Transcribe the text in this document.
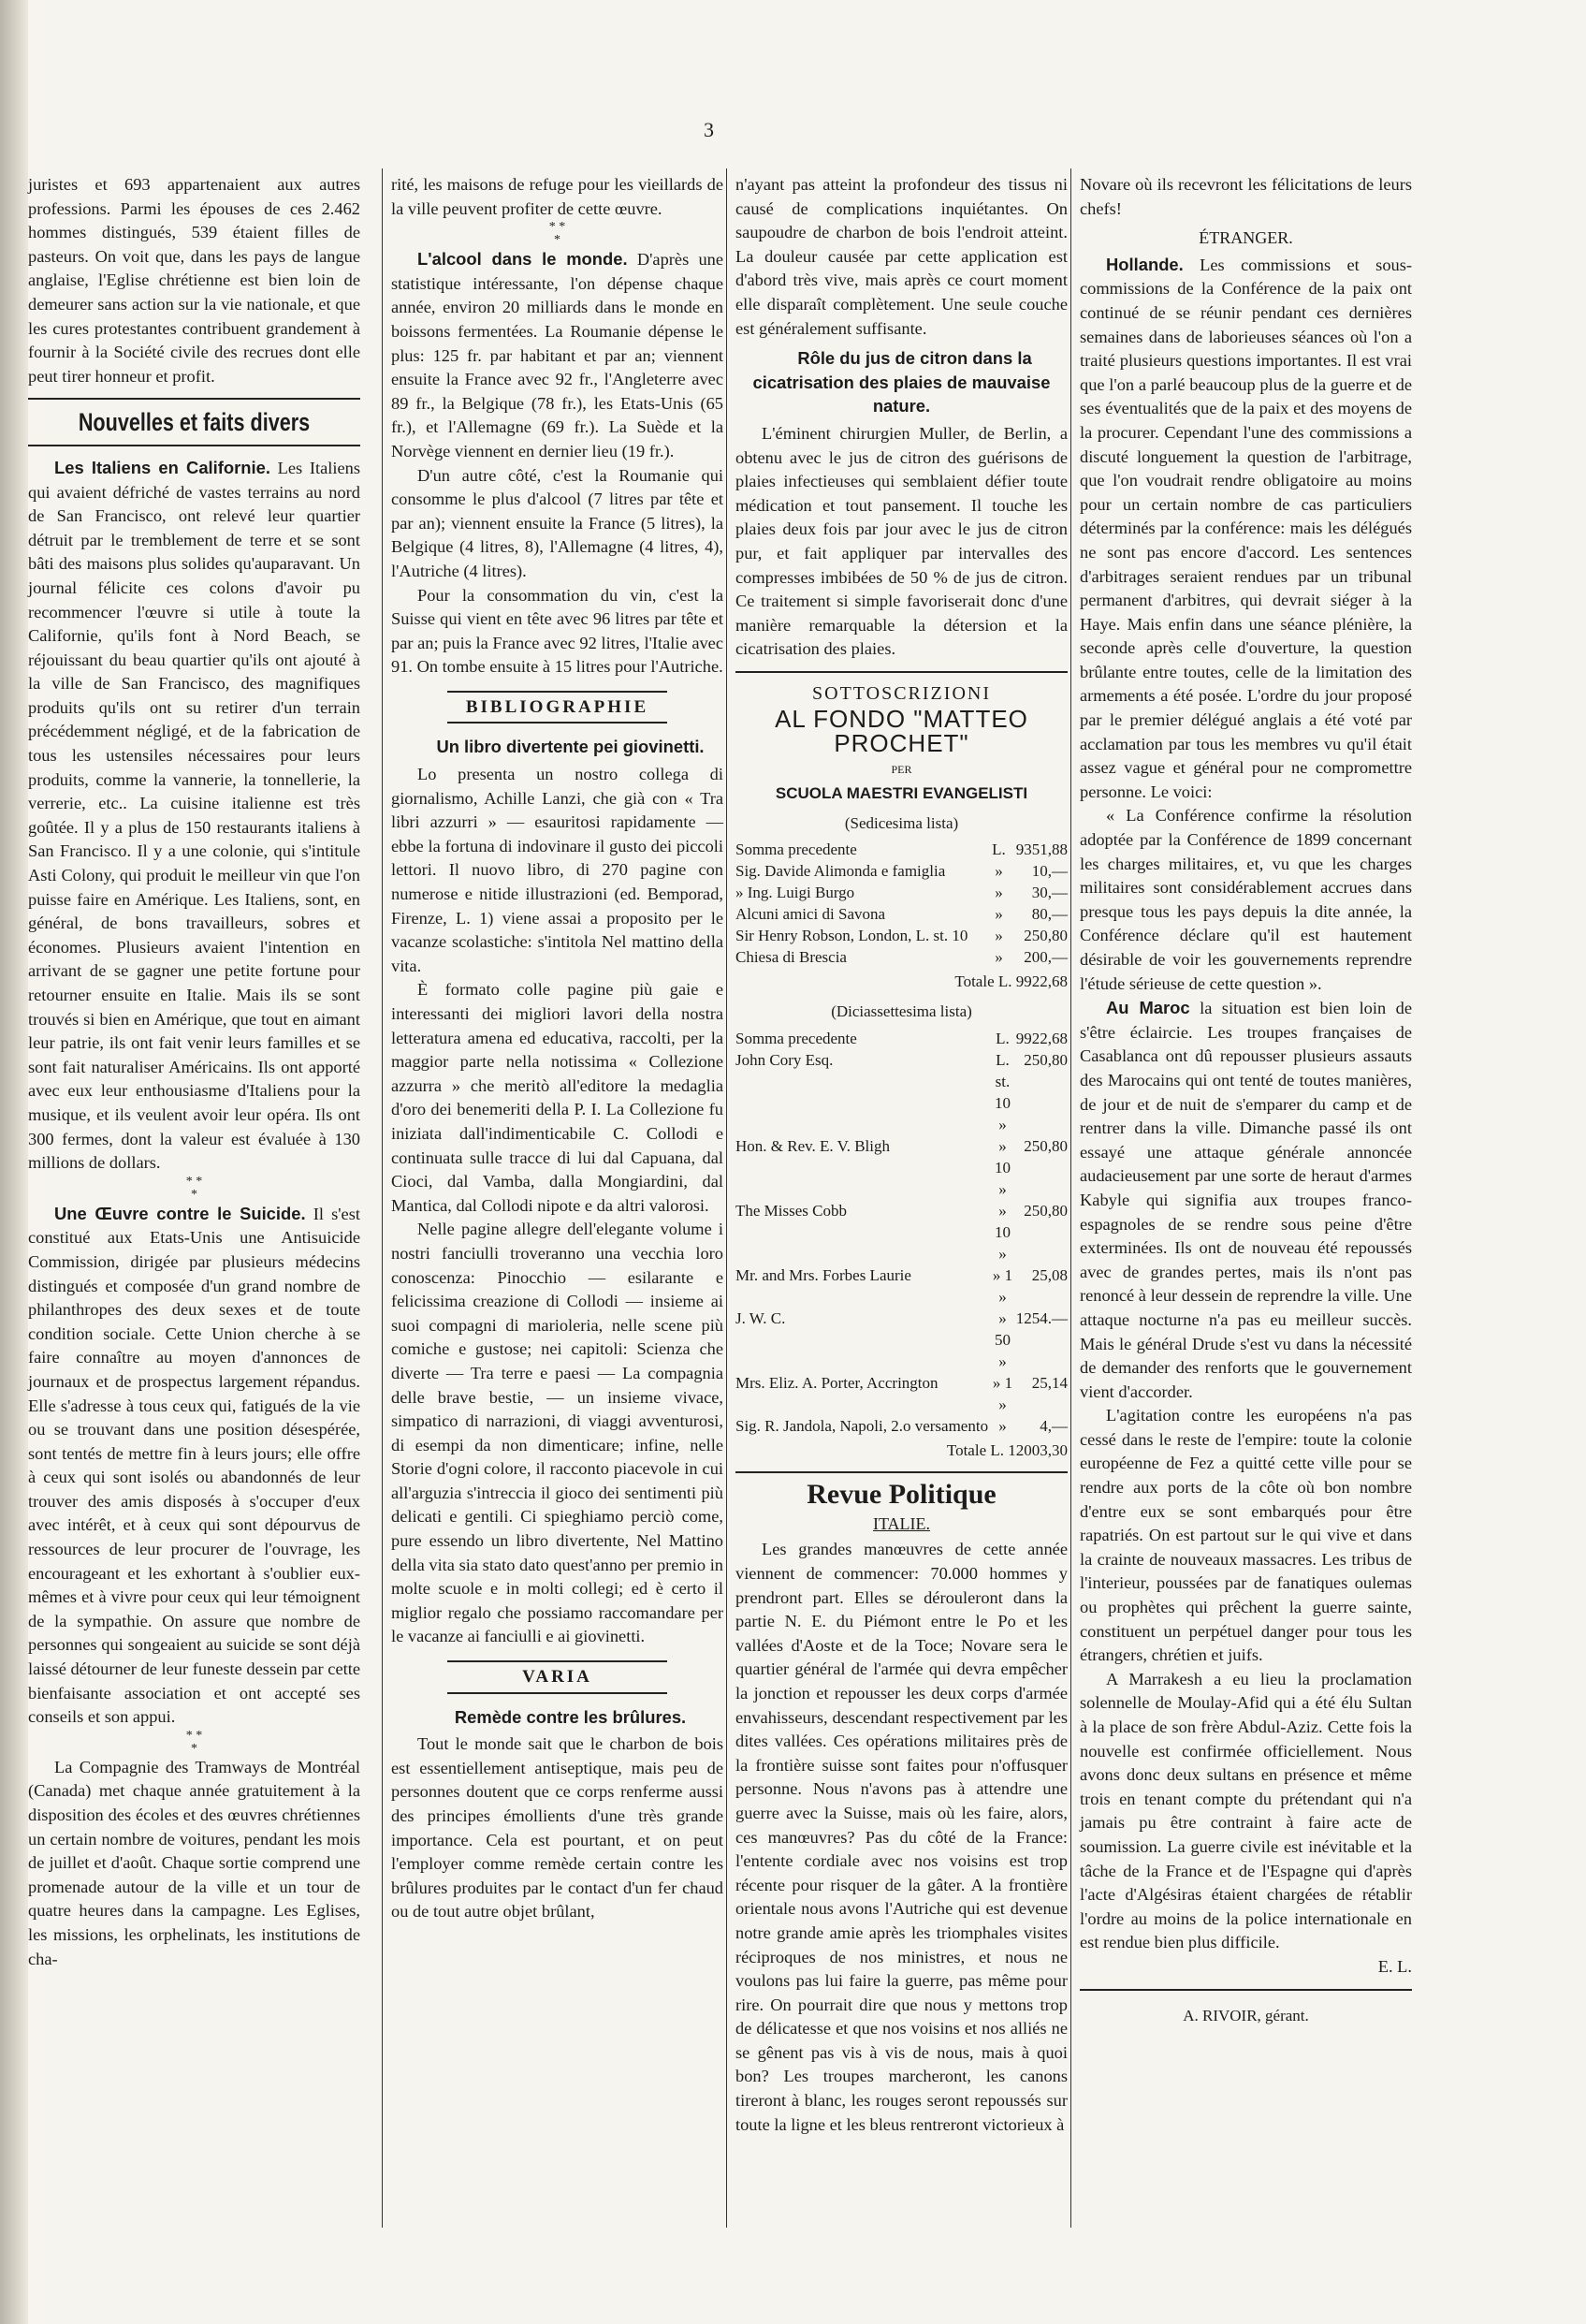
3

juristes et 693 appartenaient aux autres professions. Parmi les épouses de ces 2.462 hommes distingués, 539 étaient filles de pasteurs. On voit que, dans les pays de langue anglaise, l'Eglise chrétienne est bien loin de demeurer sans action sur la vie nationale, et que les cures protestantes contribuent grandement à fournir à la Société civile des recrues dont elle peut tirer honneur et profit.

Nouvelles et faits divers

Les Italiens en Californie. Les Italiens qui avaient défriché de vastes terrains au nord de San Francisco, ont relevé leur quartier détruit par le tremblement de terre et se sont bâti des maisons plus solides qu'auparavant. Un journal félicite ces colons d'avoir pu recommencer l'œuvre si utile à toute la Californie, qu'ils font à Nord Beach, se réjouissant du beau quartier qu'ils ont ajouté à la ville de San Francisco, des magnifiques produits qu'ils ont su retirer d'un terrain précédemment négligé, et de la fabrication de tous les ustensiles nécessaires pour leurs produits, comme la vannerie, la tonnellerie, la verrerie, etc.. La cuisine italienne est très goûtée. Il y a plus de 150 restaurants italiens à San Francisco. Il y a une colonie, qui s'intitule Asti Colony, qui produit le meilleur vin que l'on puisse faire en Amérique. Les Italiens, sont, en général, de bons travailleurs, sobres et économes. Plusieurs avaient l'intention en arrivant de se gagner une petite fortune pour retourner ensuite en Italie. Mais ils se sont trouvés si bien en Amérique, que tout en aimant leur patrie, ils ont fait venir leurs familles et se sont fait naturaliser Américains. Ils ont apporté avec eux leur enthousiasme d'Italiens pour la musique, et ils veulent avoir leur opéra. Ils ont 300 fermes, dont la valeur est évaluée à 130 millions de dollars.

* *
*

Une Œuvre contre le Suicide. Il s'est constitué aux Etats-Unis une Antisuicide Commission, dirigée par plusieurs médecins distingués et composée d'un grand nombre de philanthropes des deux sexes et de toute condition sociale. Cette Union cherche à se faire connaître au moyen d'annonces de journaux et de prospectus largement répandus. Elle s'adresse à tous ceux qui, fatigués de la vie ou se trouvant dans une position désespérée, sont tentés de mettre fin à leurs jours; elle offre à ceux qui sont isolés ou abandonnés de leur trouver des amis disposés à s'occuper d'eux avec intérêt, et à ceux qui sont dépourvus de ressources de leur procurer de l'ouvrage, les encourageant et les exhortant à s'oublier eux-mêmes et à vivre pour ceux qui leur témoignent de la sympathie. On assure que nombre de personnes qui songeaient au suicide se sont déjà laissé détourner de leur funeste dessein par cette bienfaisante association et ont accepté ses conseils et son appui.

* *
*

La Compagnie des Tramways de Montréal (Canada) met chaque année gratuitement à la disposition des écoles et des œuvres chrétiennes un certain nombre de voitures, pendant les mois de juillet et d'août. Chaque sortie comprend une promenade autour de la ville et un tour de quatre heures dans la campagne. Les Eglises, les missions, les orphelinats, les institutions de cha-

rité, les maisons de refuge pour les vieillards de la ville peuvent profiter de cette œuvre.

* *
*

L'alcool dans le monde. D'après une statistique intéressante, l'on dépense chaque année, environ 20 milliards dans le monde en boissons fermentées. La Roumanie dépense le plus: 125 fr. par habitant et par an; viennent ensuite la France avec 92 fr., l'Angleterre avec 89 fr., la Belgique (78 fr.), les Etats-Unis (65 fr.), et l'Allemagne (69 fr.). La Suède et la Norvège viennent en dernier lieu (19 fr.).

D'un autre côté, c'est la Roumanie qui consomme le plus d'alcool (7 litres par tête et par an); viennent ensuite la France (5 litres), la Belgique (4 litres, 8), l'Allemagne (4 litres, 4), l'Autriche (4 litres).

Pour la consommation du vin, c'est la Suisse qui vient en tête avec 96 litres par tête et par an; puis la France avec 92 litres, l'Italie avec 91. On tombe ensuite à 15 litres pour l'Autriche.

BIBLIOGRAPHIE

Un libro divertente pei giovinetti.

Lo presenta un nostro collega di giornalismo, Achille Lanzi, che già con « Tra libri azzurri » — esauritosi rapidamente — ebbe la fortuna di indovinare il gusto dei piccoli lettori. Il nuovo libro, di 270 pagine con numerose e nitide illustrazioni (ed. Bemporad, Firenze, L. 1) viene assai a proposito per le vacanze scolastiche: s'intitola Nel mattino della vita.

È formato colle pagine più gaie e interessanti dei migliori lavori della nostra letteratura amena ed educativa, raccolti, per la maggior parte nella notissima « Collezione azzurra » che meritò all'editore la medaglia d'oro dei benemeriti della P. I. La Collezione fu iniziata dall'indimenticabile C. Collodi e continuata sulle tracce di lui dal Capuana, dal Cioci, dal Vamba, dalla Mongiardini, dal Mantica, dal Collodi nipote e da altri valorosi.

Nelle pagine allegre dell'elegante volume i nostri fanciulli troveranno una vecchia loro conoscenza: Pinocchio — esilarante e felicissima creazione di Collodi — insieme ai suoi compagni di marioleria, nelle scene più comiche e gustose; nei capitoli: Scienza che diverte — Tra terre e paesi — La compagnia delle brave bestie, — un insieme vivace, simpatico di narrazioni, di viaggi avventurosi, di esempi da non dimenticare; infine, nelle Storie d'ogni colore, il racconto piacevole in cui all'arguzia s'intreccia il gioco dei sentimenti più delicati e gentili. Ci spieghiamo perciò come, pure essendo un libro divertente, Nel Mattino della vita sia stato dato quest'anno per premio in molte scuole e in molti collegi; ed è certo il miglior regalo che possiamo raccomandare per le vacanze ai fanciulli e ai giovinetti.

VARIA

Remède contre les brûlures.

Tout le monde sait que le charbon de bois est essentiellement antiseptique, mais peu de personnes doutent que ce corps renferme aussi des principes émollients d'une très grande importance. Cela est pourtant, et on peut l'employer comme remède certain contre les brûlures produites par le contact d'un fer chaud ou de tout autre objet brûlant,

n'ayant pas atteint la profondeur des tissus ni causé de complications inquiétantes. On saupoudre de charbon de bois l'endroit atteint. La douleur causée par cette application est d'abord très vive, mais après ce court moment elle disparaît complètement. Une seule couche est généralement suffisante.

Rôle du jus de citron dans la cicatrisation des plaies de mauvaise nature.

L'éminent chirurgien Muller, de Berlin, a obtenu avec le jus de citron des guérisons de plaies infectieuses qui semblaient défier toute médication et tout pansement. Il touche les plaies deux fois par jour avec le jus de citron pur, et fait appliquer par intervalles des compresses imbibées de 50 % de jus de citron. Ce traitement si simple favoriserait donc d'une manière remarquable la détersion et la cicatrisation des plaies.

SOTTOSCRIZIONI
AL FONDO "MATTEO PROCHET"
PER
SCUOLA MAESTRI EVANGELISTI
(Sedicesima lista)
Somma precedente	L.	9351,88
Sig. Davide Alimonda e famiglia	»	10,—
» Ing. Luigi Burgo	»	30,—
Alcuni amici di Savona	»	80,—
Sir Henry Robson, London, L. st. 10	»	250,80
Chiesa di Brescia	»	200,—
Totale L. 9922,68
(Diciassettesima lista)
Somma precedente	L.	9922,68
John Cory Esq.	L. st. 10 »	250,80
Hon. & Rev. E. V. Bligh	» 10 »	250,80
The Misses Cobb	» 10 »	250,80
Mr. and Mrs. Forbes Laurie	» 1 »	25,08
J. W. C.	» 50 »	1254.—
Mrs. Eliz. A. Porter, Accrington	» 1 »	25,14
Sig. R. Jandola, Napoli, 2.o versamento	»	4,—
Totale L. 12003,30
Revue Politique
ITALIE.

Les grandes manœuvres de cette année viennent de commencer: 70.000 hommes y prendront part. Elles se dérouleront dans la partie N. E. du Piémont entre le Po et les vallées d'Aoste et de la Toce; Novare sera le quartier général de l'armée qui devra empêcher la jonction et repousser les deux corps d'armée envahisseurs, descendant respectivement par les dites vallées. Ces opérations militaires près de la frontière suisse sont faites pour n'offusquer personne. Nous n'avons pas à attendre une guerre avec la Suisse, mais où les faire, alors, ces manœuvres? Pas du côté de la France: l'entente cordiale avec nos voisins est trop récente pour risquer de la gâter. A la frontière orientale nous avons l'Autriche qui est devenue notre grande amie après les triomphales visites réciproques de nos ministres, et nous ne voulons pas lui faire la guerre, pas même pour rire. On pourrait dire que nous y mettons trop de délicatesse et que nos voisins et nos alliés ne se gênent pas vis à vis de nous, mais à quoi bon? Les troupes marcheront, les canons tireront à blanc, les rouges seront repoussés sur toute la ligne et les bleus rentreront victorieux à

Novare où ils recevront les félicitations de leurs chefs!

ÉTRANGER.

Hollande. Les commissions et sous-commissions de la Conférence de la paix ont continué de se réunir pendant ces dernières semaines dans de laborieuses séances où l'on a traité plusieurs questions importantes. Il est vrai que l'on a parlé beaucoup plus de la guerre et de ses éventualités que de la paix et des moyens de la procurer. Cependant l'une des commissions a discuté longuement la question de l'arbitrage, que l'on voudrait rendre obligatoire au moins pour un certain nombre de cas particuliers déterminés par la conférence: mais les délégués ne sont pas encore d'accord. Les sentences d'arbitrages seraient rendues par un tribunal permanent d'arbitres, qui devrait siéger à la Haye. Mais enfin dans une séance plénière, la seconde après celle d'ouverture, la question brûlante entre toutes, celle de la limitation des armements a été posée. L'ordre du jour proposé par le premier délégué anglais a été voté par acclamation par tous les membres vu qu'il était assez vague et général pour ne compromettre personne. Le voici:

« La Conférence confirme la résolution adoptée par la Conférence de 1899 concernant les charges militaires, et, vu que les charges militaires sont considérablement accrues dans presque tous les pays depuis la dite année, la Conférence déclare qu'il est hautement désirable de voir les gouvernements reprendre l'étude sérieuse de cette question ».

Au Maroc la situation est bien loin de s'être éclaircie. Les troupes françaises de Casablanca ont dû repousser plusieurs assauts des Marocains qui ont tenté de toutes manières, de jour et de nuit de s'emparer du camp et de rentrer dans la ville. Dimanche passé ils ont essayé une attaque générale annoncée audacieusement par une sorte de heraut d'armes Kabyle qui signifia aux troupes franco-espagnoles de se rendre sous peine d'être exterminées. Ils ont de nouveau été repoussés avec de grandes pertes, mais ils n'ont pas renoncé à leur dessein de reprendre la ville. Une attaque nocturne n'a pas eu meilleur succès. Mais le général Drude s'est vu dans la nécessité de demander des renforts que le gouvernement vient d'accorder.

L'agitation contre les européens n'a pas cessé dans le reste de l'empire: toute la colonie européenne de Fez a quitté cette ville pour se rendre aux ports de la côte où bon nombre d'entre eux se sont embarqués pour être rapatriés. On est partout sur le qui vive et dans la crainte de nouveaux massacres. Les tribus de l'interieur, poussées par de fanatiques oulemas ou prophètes qui prêchent la guerre sainte, constituent un perpétuel danger pour tous les étrangers, chrétien et juifs.

A Marrakesh a eu lieu la proclamation solennelle de Moulay-Afid qui a été élu Sultan à la place de son frère Abdul-Aziz. Cette fois la nouvelle est confirmée officiellement. Nous avons donc deux sultans en présence et même trois en tenant compte du prétendant qui n'a jamais pu être contraint à faire acte de soumission. La guerre civile est inévitable et la tâche de la France et de l'Espagne qui d'après l'acte d'Algésiras étaient chargées de rétablir l'ordre au moins de la police internationale en est rendue bien plus difficile.

E. L.
A. RIVOIR, gérant.
